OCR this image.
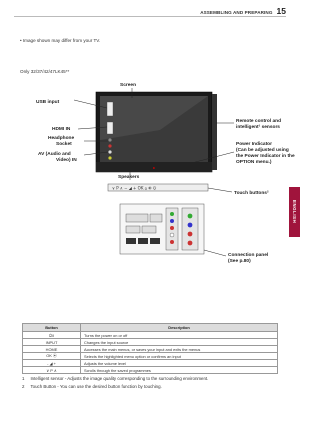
ASSEMBLING AND PREPARING 15
ENGLISH
• Image shown may differ from your TV.
Only 32/37/42/47LK45**
∨ P ∧ − ◢ + OK ⌂ ⎆ ⏻
Screen
USB input
HDMI IN
Headphone
Socket
AV (Audio and
Video) IN
Remote control and
intelligent¹ sensors
Power Indicator
(Can be adjusted using
the Power Indicator in the
OPTION menu.)
Speakers
Touch buttons²
Connection panel
(See p.80)
Button	Description
⏻/I	Turns the power on or off
INPUT	Changes the input source
HOME	Accesses the main menus, or saves your input and exits the menus
OK ⦿	Selects the highlighted menu option or confirms an input
- ◢ +	Adjusts the volume level
∨ P ∧	Scrolls through the saved programmes
1 Intelligent sensor - Adjusts the image quality corresponding to the surrounding environment.
2 Touch Button - You can use the desired button function by touching.
